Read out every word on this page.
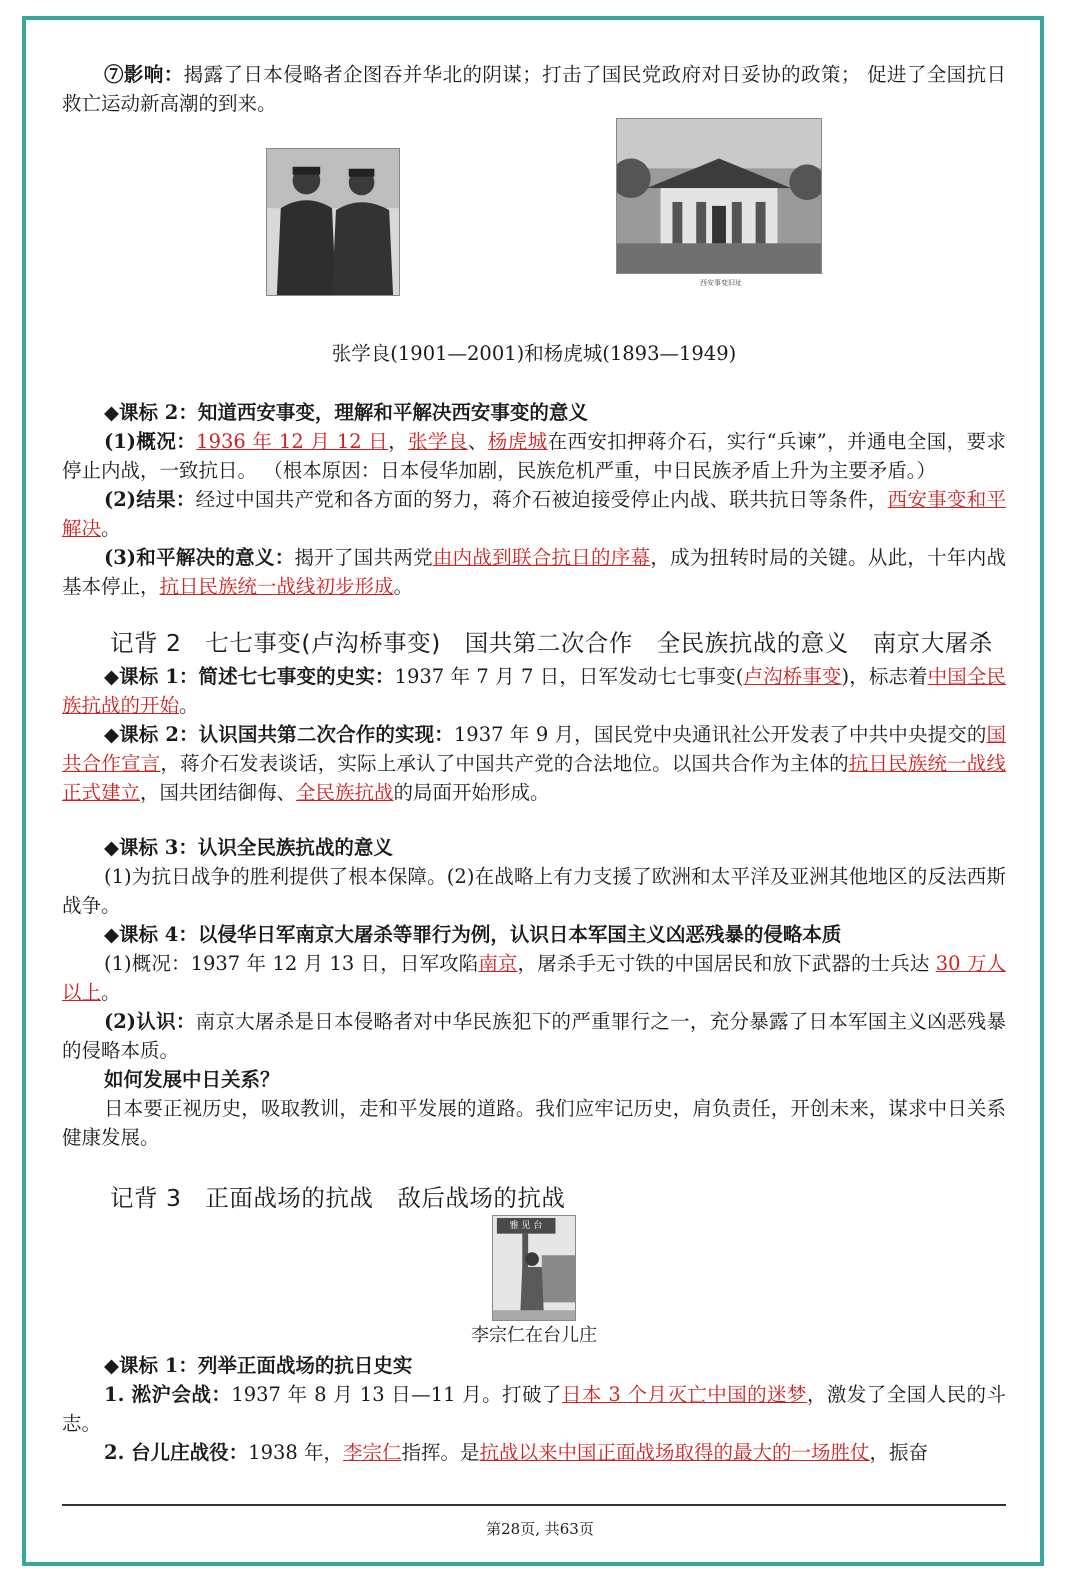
⑦影响：揭露了日本侵略者企图吞并华北的阴谋；打击了国民党政府对日妥协的政策； 促进了全国抗日救亡运动新高潮的到来。

西安事变旧址

张学良(1901—2001)和杨虎城(1893—1949)

◆课标 2：知道西安事变，理解和平解决西安事变的意义

(1)概况：1936 年 12 月 12 日，张学良、杨虎城在西安扣押蒋介石，实行“兵谏”，并通电全国，要求停止内战，一致抗日。 （根本原因：日本侵华加剧，民族危机严重，中日民族矛盾上升为主要矛盾。）

(2)结果：经过中国共产党和各方面的努力，蒋介石被迫接受停止内战、联共抗日等条件，西安事变和平解决。

(3)和平解决的意义：揭开了国共两党由内战到联合抗日的序幕，成为扭转时局的关键。从此，十年内战基本停止，抗日民族统一战线初步形成。

记背 2　七七事变(卢沟桥事变)　国共第二次合作　全民族抗战的意义　南京大屠杀

◆课标 1：简述七七事变的史实：1937 年 7 月 7 日，日军发动七七事变(卢沟桥事变)，标志着中国全民族抗战的开始。

◆课标 2：认识国共第二次合作的实现：1937 年 9 月，国民党中央通讯社公开发表了中共中央提交的国共合作宣言，蒋介石发表谈话，实际上承认了中国共产党的合法地位。以国共合作为主体的抗日民族统一战线正式建立，国共团结御侮、全民族抗战的局面开始形成。

◆课标 3：认识全民族抗战的意义

(1)为抗日战争的胜利提供了根本保障。(2)在战略上有力支援了欧洲和太平洋及亚洲其他地区的反法西斯战争。

◆课标 4：以侵华日军南京大屠杀等罪行为例，认识日本军国主义凶恶残暴的侵略本质

(1)概况：1937 年 12 月 13 日，日军攻陷南京，屠杀手无寸铁的中国居民和放下武器的士兵达 30 万人以上。

(2)认识：南京大屠杀是日本侵略者对中华民族犯下的严重罪行之一，充分暴露了日本军国主义凶恶残暴的侵略本质。

如何发展中日关系？

日本要正视历史，吸取教训，走和平发展的道路。我们应牢记历史，肩负责任，开创未来，谋求中日关系健康发展。

记背 3　正面战场的抗战　敌后战场的抗战

雅 见 台

李宗仁在台儿庄

◆课标 1：列举正面战场的抗日史实

1. 淞沪会战：1937 年 8 月 13 日—11 月。打破了日本 3 个月灭亡中国的迷梦，激发了全国人民的斗志。

2. 台儿庄战役：1938 年，李宗仁指挥。是抗战以来中国正面战场取得的最大的一场胜仗，振奋

第28页, 共63页
